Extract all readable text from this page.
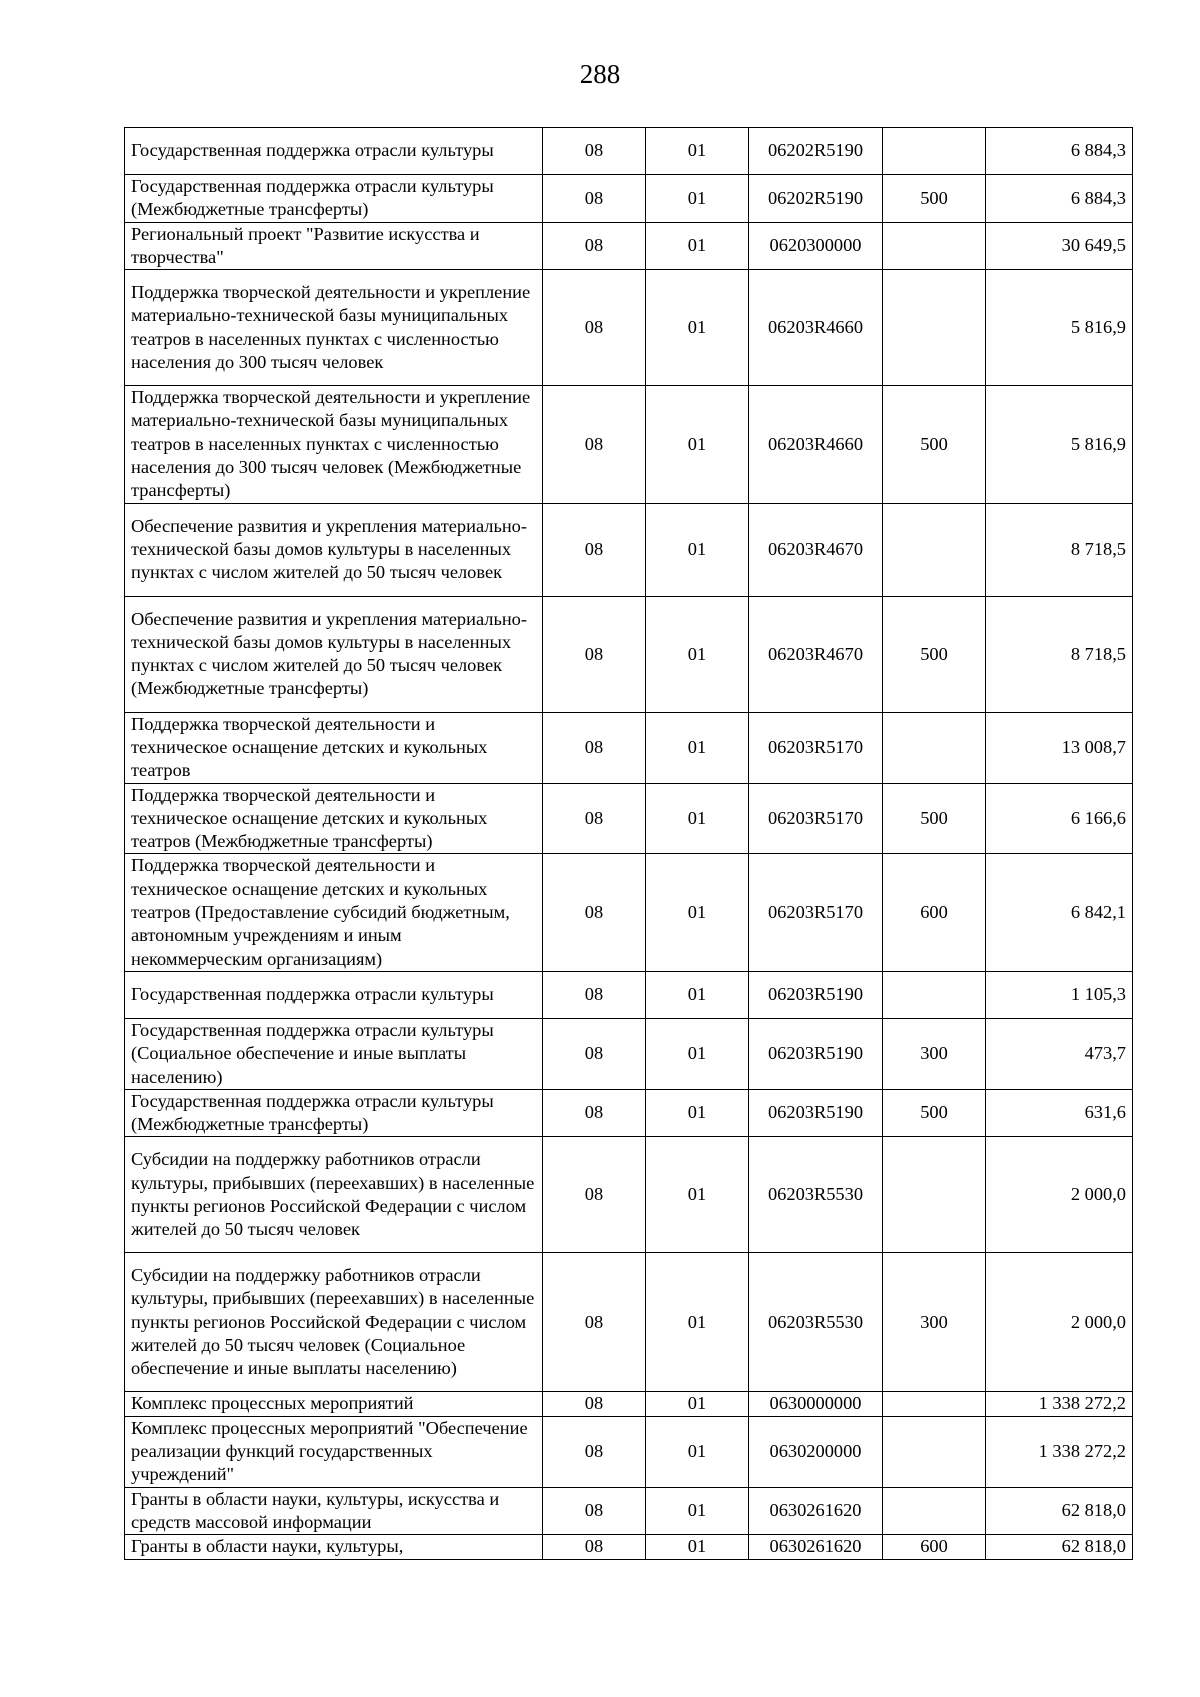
288
Государственная поддержка отрасли культуры	08	01	06202R5190		6 884,3
Государственная поддержка отрасли культуры (Межбюджетные трансферты)	08	01	06202R5190	500	6 884,3
Региональный проект "Развитие искусства и творчества"	08	01	0620300000		30 649,5
Поддержка творческой деятельности и укрепление материально-технической базы муниципальных театров в населенных пунктах с численностью населения до 300 тысяч человек	08	01	06203R4660		5 816,9
Поддержка творческой деятельности и укрепление материально-технической базы муниципальных театров в населенных пунктах с численностью населения до 300 тысяч человек (Межбюджетные трансферты)	08	01	06203R4660	500	5 816,9
Обеспечение развития и укрепления материально-технической базы домов культуры в населенных пунктах с числом жителей до 50 тысяч человек	08	01	06203R4670		8 718,5
Обеспечение развития и укрепления материально-технической базы домов культуры в населенных пунктах с числом жителей до 50 тысяч человек (Межбюджетные трансферты)	08	01	06203R4670	500	8 718,5
Поддержка творческой деятельности и техническое оснащение детских и кукольных театров	08	01	06203R5170		13 008,7
Поддержка творческой деятельности и техническое оснащение детских и кукольных театров (Межбюджетные трансферты)	08	01	06203R5170	500	6 166,6
Поддержка творческой деятельности и техническое оснащение детских и кукольных театров (Предоставление субсидий бюджетным, автономным учреждениям и иным некоммерческим организациям)	08	01	06203R5170	600	6 842,1
Государственная поддержка отрасли культуры	08	01	06203R5190		1 105,3
Государственная поддержка отрасли культуры (Социальное обеспечение и иные выплаты населению)	08	01	06203R5190	300	473,7
Государственная поддержка отрасли культуры (Межбюджетные трансферты)	08	01	06203R5190	500	631,6
Субсидии на поддержку работников отрасли культуры, прибывших (переехавших) в населенные пункты регионов Российской Федерации с числом жителей до 50 тысяч человек	08	01	06203R5530		2 000,0
Субсидии на поддержку работников отрасли культуры, прибывших (переехавших) в населенные пункты регионов Российской Федерации с числом жителей до 50 тысяч человек (Социальное обеспечение и иные выплаты населению)	08	01	06203R5530	300	2 000,0
Комплекс процессных мероприятий	08	01	0630000000		1 338 272,2
Комплекс процессных мероприятий "Обеспечение реализации функций государственных учреждений"	08	01	0630200000		1 338 272,2
Гранты в области науки, культуры, искусства и средств массовой информации	08	01	0630261620		62 818,0
Гранты в области науки, культуры,	08	01	0630261620	600	62 818,0
